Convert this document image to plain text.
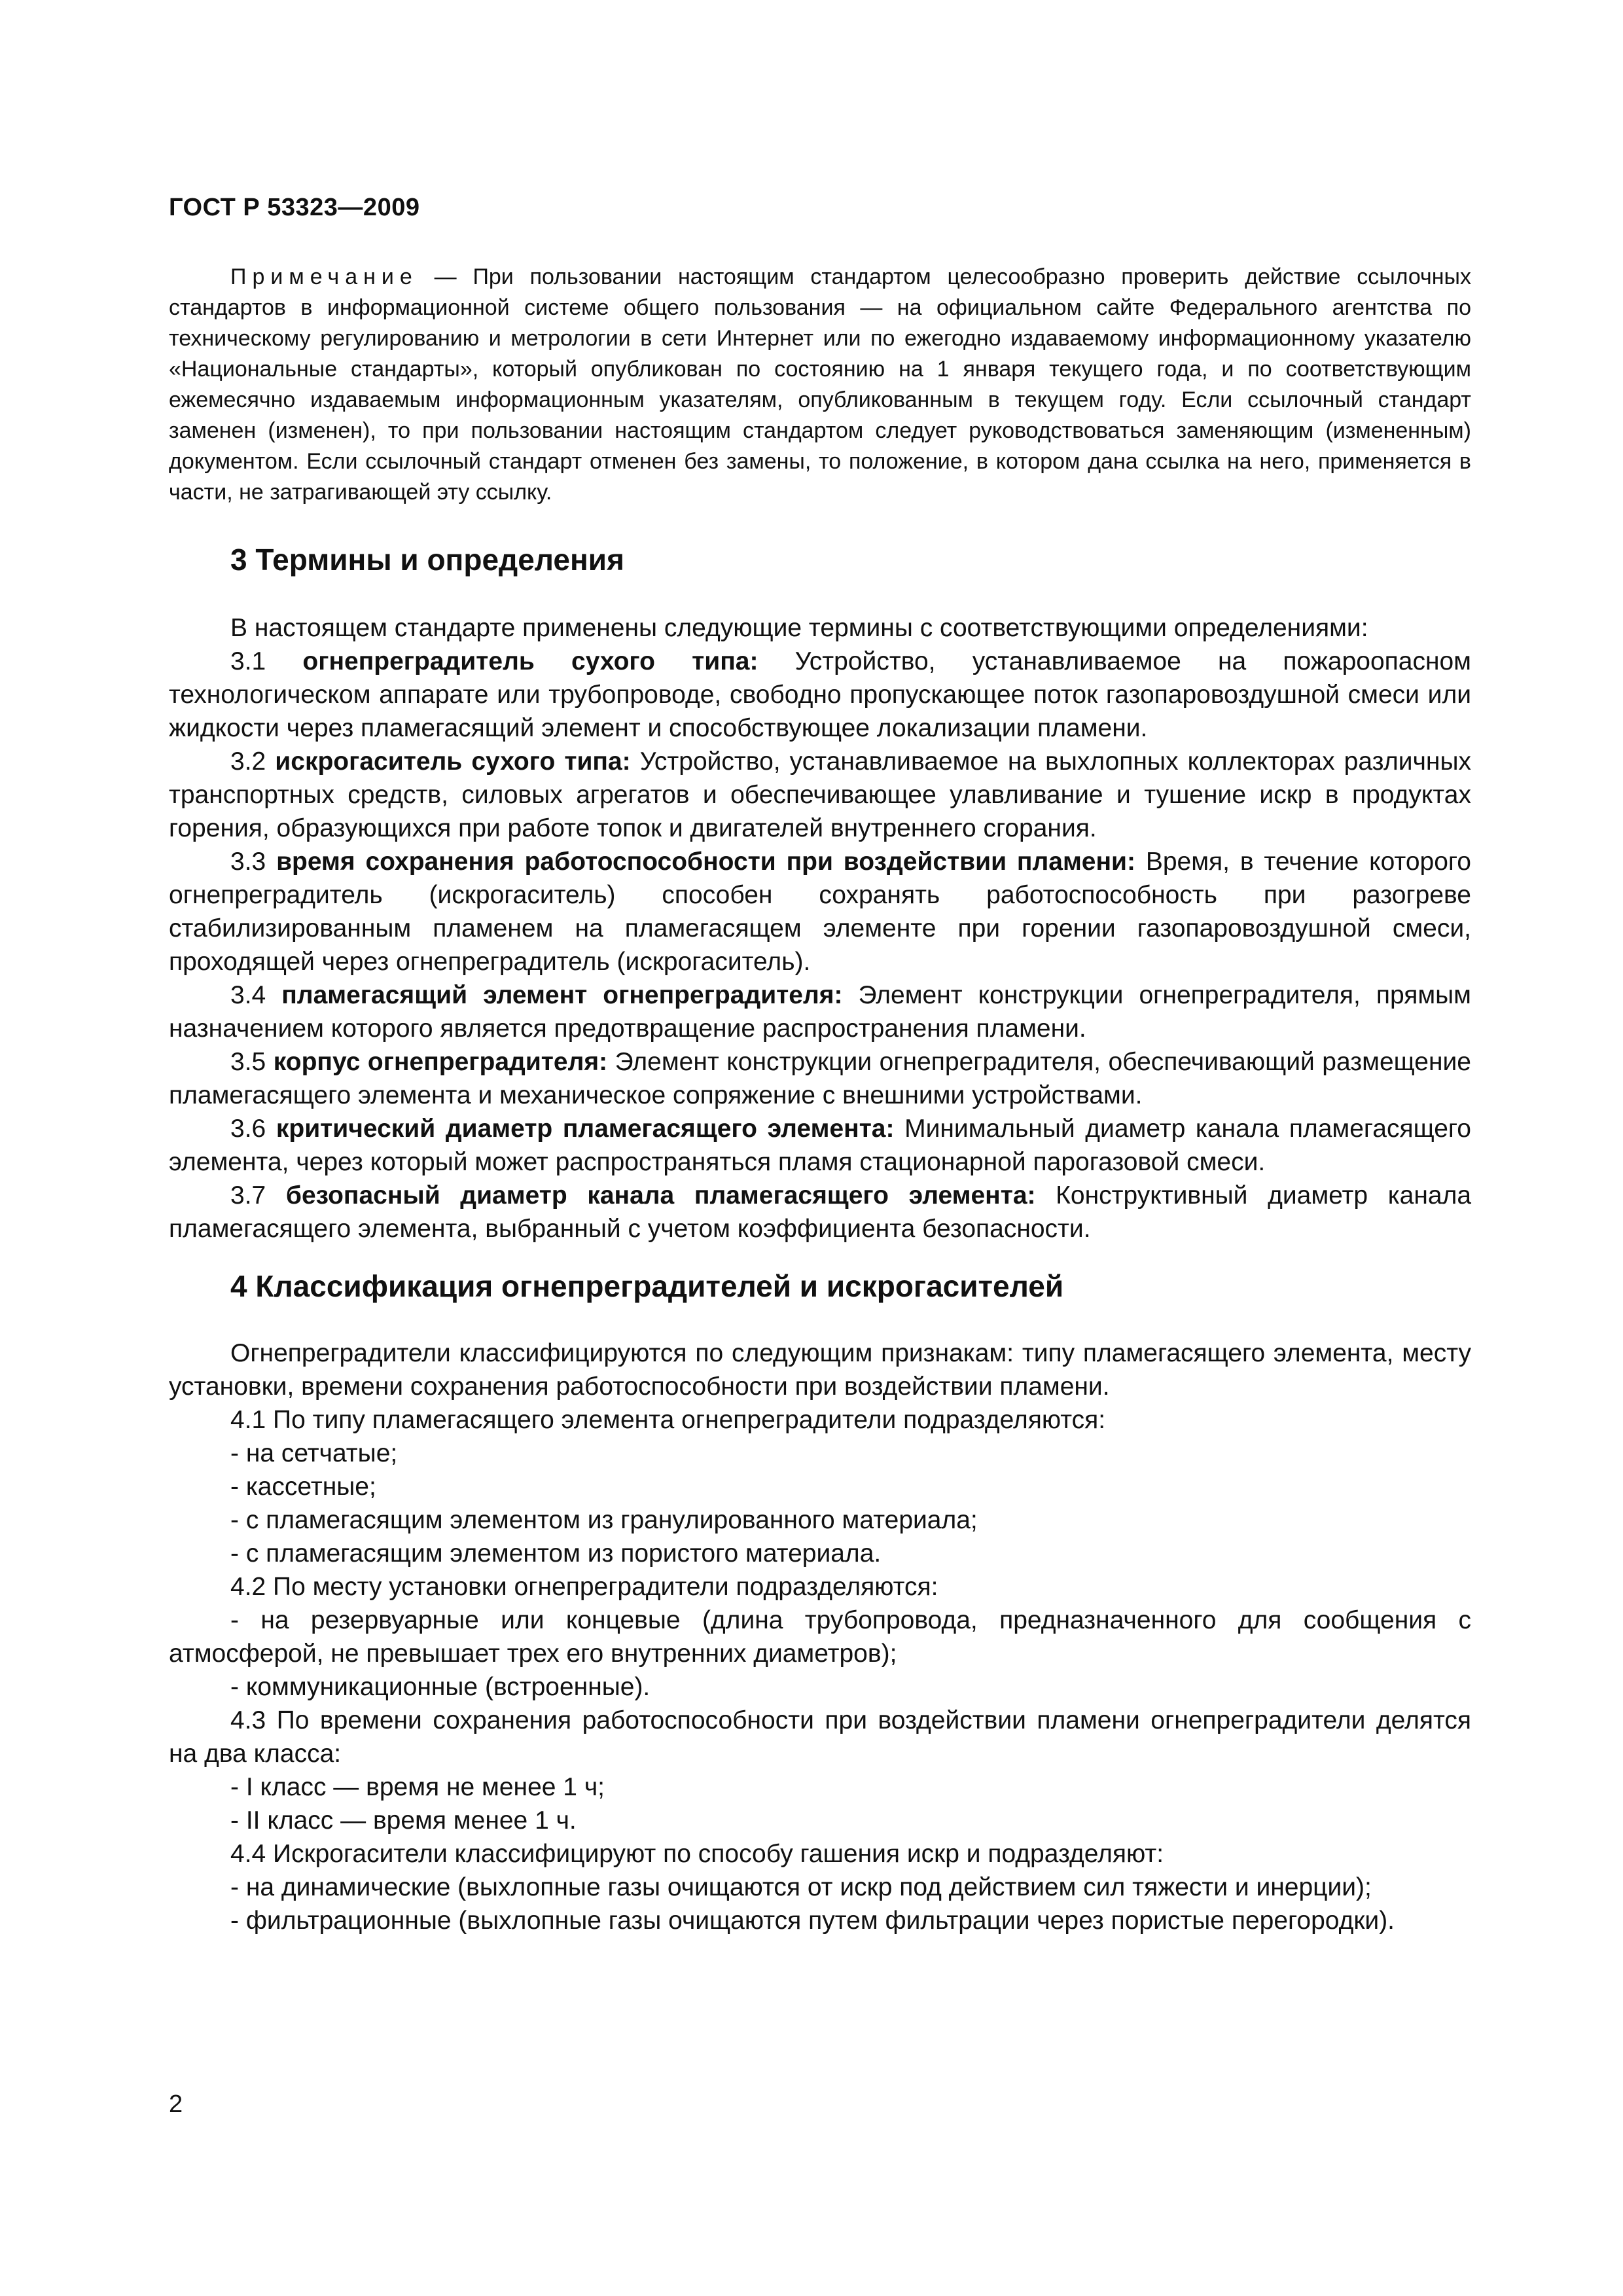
ГОСТ Р 53323—2009
Примечание — При пользовании настоящим стандартом целесообразно проверить действие ссылочных стандартов в информационной системе общего пользования — на официальном сайте Федерального агентства по техническому регулированию и метрологии в сети Интернет или по ежегодно издаваемому информационному указателю «Национальные стандарты», который опубликован по состоянию на 1 января текущего года, и по соответствующим ежемесячно издаваемым информационным указателям, опубликованным в текущем году. Если ссылочный стандарт заменен (изменен), то при пользовании настоящим стандартом следует руководствоваться заменяющим (измененным) документом. Если ссылочный стандарт отменен без замены, то положение, в котором дана ссылка на него, применяется в части, не затрагивающей эту ссылку.
3 Термины и определения

В настоящем стандарте применены следующие термины с соответствующими определениями:

3.1 огнепреградитель сухого типа: Устройство, устанавливаемое на пожароопасном технологическом аппарате или трубопроводе, свободно пропускающее поток газопаровоздушной смеси или жидкости через пламегасящий элемент и способствующее локализации пламени.

3.2 искрогаситель сухого типа: Устройство, устанавливаемое на выхлопных коллекторах различных транспортных средств, силовых агрегатов и обеспечивающее улавливание и тушение искр в продуктах горения, образующихся при работе топок и двигателей внутреннего сгорания.

3.3 время сохранения работоспособности при воздействии пламени: Время, в течение которого огнепреградитель (искрогаситель) способен сохранять работоспособность при разогреве стабилизированным пламенем на пламегасящем элементе при горении газопаровоздушной смеси, проходящей через огнепреградитель (искрогаситель).

3.4 пламегасящий элемент огнепреградителя: Элемент конструкции огнепреградителя, прямым назначением которого является предотвращение распространения пламени.

3.5 корпус огнепреградителя: Элемент конструкции огнепреградителя, обеспечивающий размещение пламегасящего элемента и механическое сопряжение с внешними устройствами.

3.6 критический диаметр пламегасящего элемента: Минимальный диаметр канала пламегасящего элемента, через который может распространяться пламя стационарной парогазовой смеси.

3.7 безопасный диаметр канала пламегасящего элемента: Конструктивный диаметр канала пламегасящего элемента, выбранный с учетом коэффициента безопасности.

4 Классификация огнепреградителей и искрогасителей

Огнепреградители классифицируются по следующим признакам: типу пламегасящего элемента, месту установки, времени сохранения работоспособности при воздействии пламени.

4.1 По типу пламегасящего элемента огнепреградители подразделяются:

- на сетчатые;

- кассетные;

- с пламегасящим элементом из гранулированного материала;

- с пламегасящим элементом из пористого материала.

4.2 По месту установки огнепреградители подразделяются:

- на резервуарные или концевые (длина трубопровода, предназначенного для сообщения с атмосферой, не превышает трех его внутренних диаметров);

- коммуникационные (встроенные).

4.3 По времени сохранения работоспособности при воздействии пламени огнепреградители делятся на два класса:

- I класс — время не менее 1 ч;

- II класс — время менее 1 ч.

4.4 Искрогасители классифицируют по способу гашения искр и подразделяют:

- на динамические (выхлопные газы очищаются от искр под действием сил тяжести и инерции);

- фильтрационные (выхлопные газы очищаются путем фильтрации через пористые перегородки).

2
